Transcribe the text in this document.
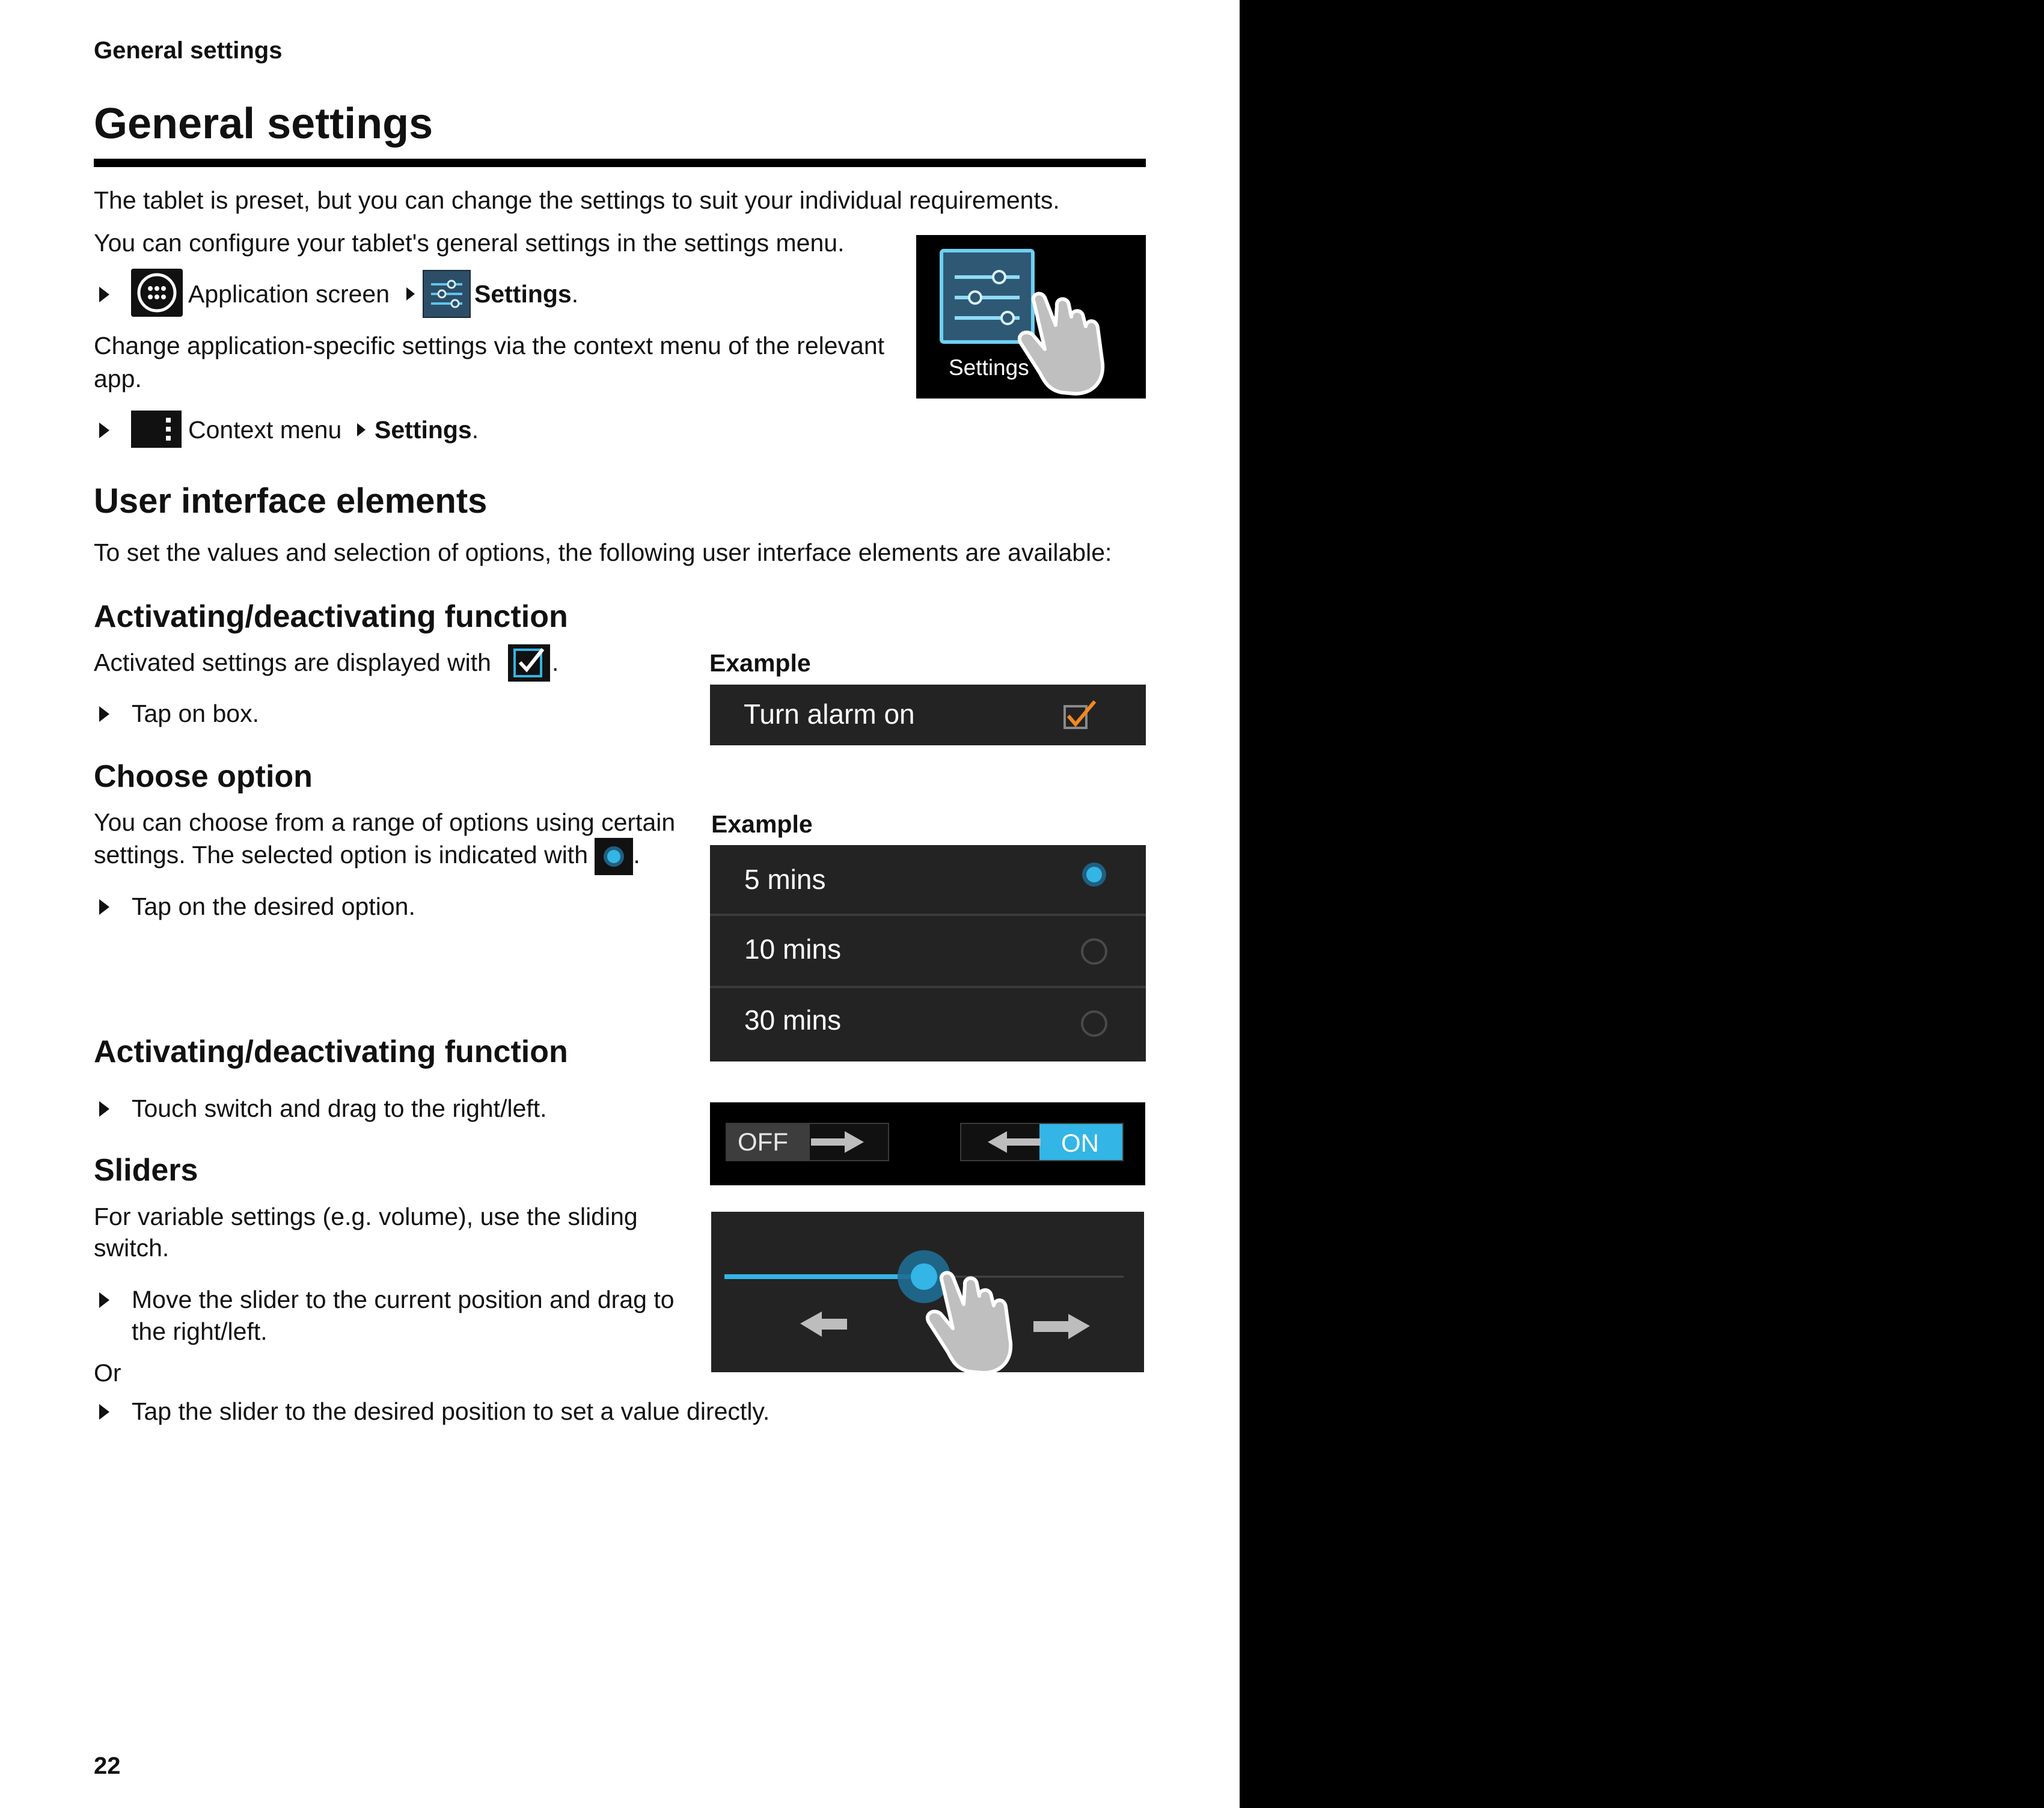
General settings
General settings
The tablet is preset, but you can change the settings to suit your individual requirements.
You can configure your tablet's general settings in the settings menu.
Application screen	Settings.
Settings
Change application-specific settings via the context menu of the relevant app.
Context menu Settings.
User interface elements
To set the values and selection of options, the following user interface elements are available:
Activating/deactivating function
Activated settings are displayed with .
Tap on box.
Example
Turn alarm on
Choose option
You can choose from a range of options using certain settings. The selected option is indicated with .
Tap on the desired option.
Example
5 mins
10 mins
30 mins
Activating/deactivating function
Touch switch and drag to the right/left.
OFF	ON
Sliders
For variable settings (e.g. volume), use the sliding switch.
Move the slider to the current position and drag to the right/left.
Or
Tap the slider to the desired position to set a value directly.
22
